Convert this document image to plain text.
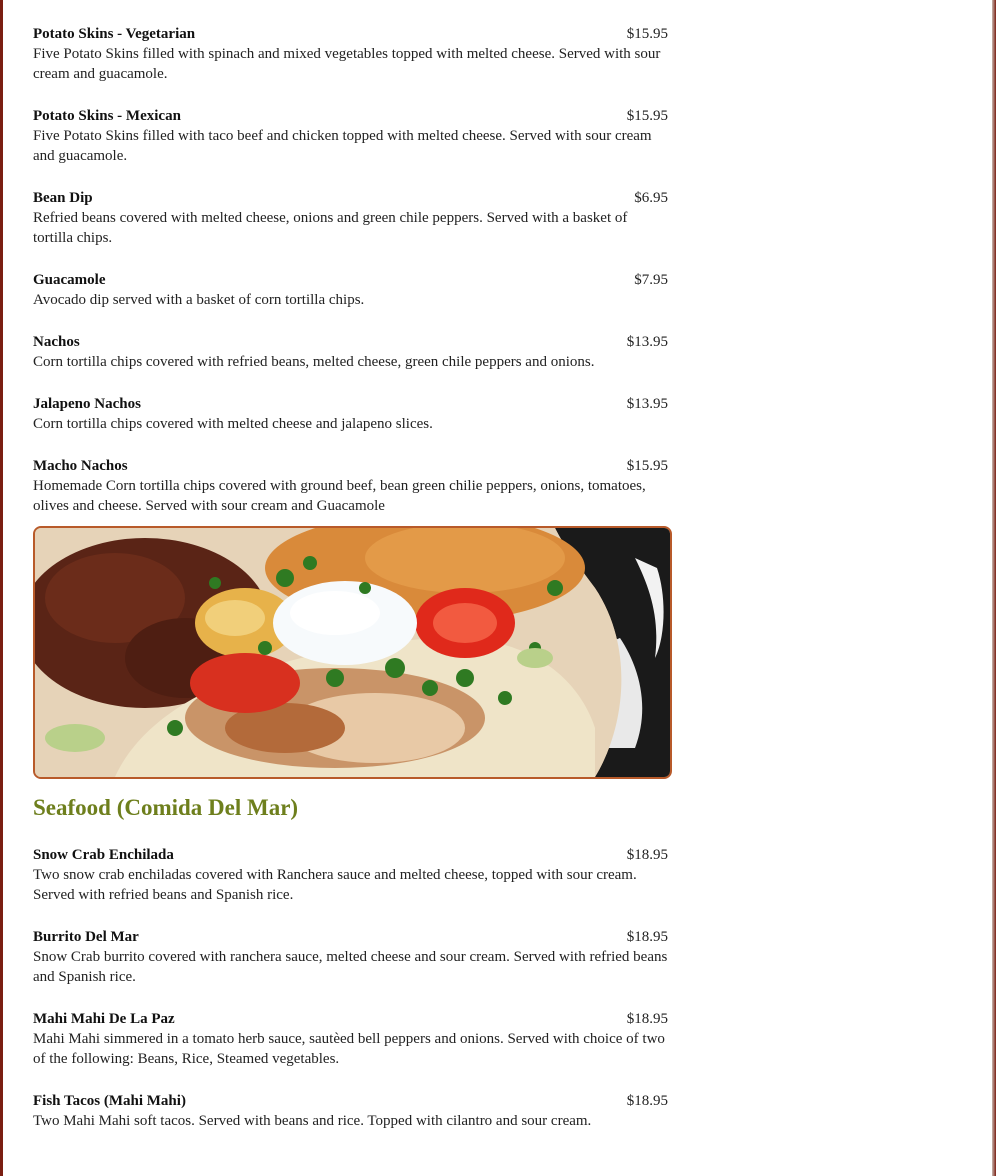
Potato Skins - Vegetarian	$15.95
Five Potato Skins filled with spinach and mixed vegetables topped with melted cheese. Served with sour cream and guacamole.
Potato Skins - Mexican	$15.95
Five Potato Skins filled with taco beef and chicken topped with melted cheese. Served with sour cream and guacamole.
Bean Dip	$6.95
Refried beans covered with melted cheese, onions and green chile peppers. Served with a basket of tortilla chips.
Guacamole	$7.95
Avocado dip served with a basket of corn tortilla chips.
Nachos	$13.95
Corn tortilla chips covered with refried beans, melted cheese, green chile peppers and onions.
Jalapeno Nachos	$13.95
Corn tortilla chips covered with melted cheese and jalapeno slices.
Macho Nachos	$15.95
Homemade Corn tortilla chips covered with ground beef, bean green chilie peppers, onions, tomatoes, olives and cheese. Served with sour cream and Guacamole
Seafood (Comida Del Mar)
Snow Crab Enchilada	$18.95
Two snow crab enchiladas covered with Ranchera sauce and melted cheese, topped with sour cream. Served with refried beans and Spanish rice.
Burrito Del Mar	$18.95
Snow Crab burrito covered with ranchera sauce, melted cheese and sour cream. Served with refried beans and Spanish rice.
Mahi Mahi De La Paz	$18.95
Mahi Mahi simmered in a tomato herb sauce, sautèed bell peppers and onions. Served with choice of two of the following: Beans, Rice, Steamed vegetables.
Fish Tacos (Mahi Mahi)	$18.95
Two Mahi Mahi soft tacos. Served with beans and rice. Topped with cilantro and sour cream.
